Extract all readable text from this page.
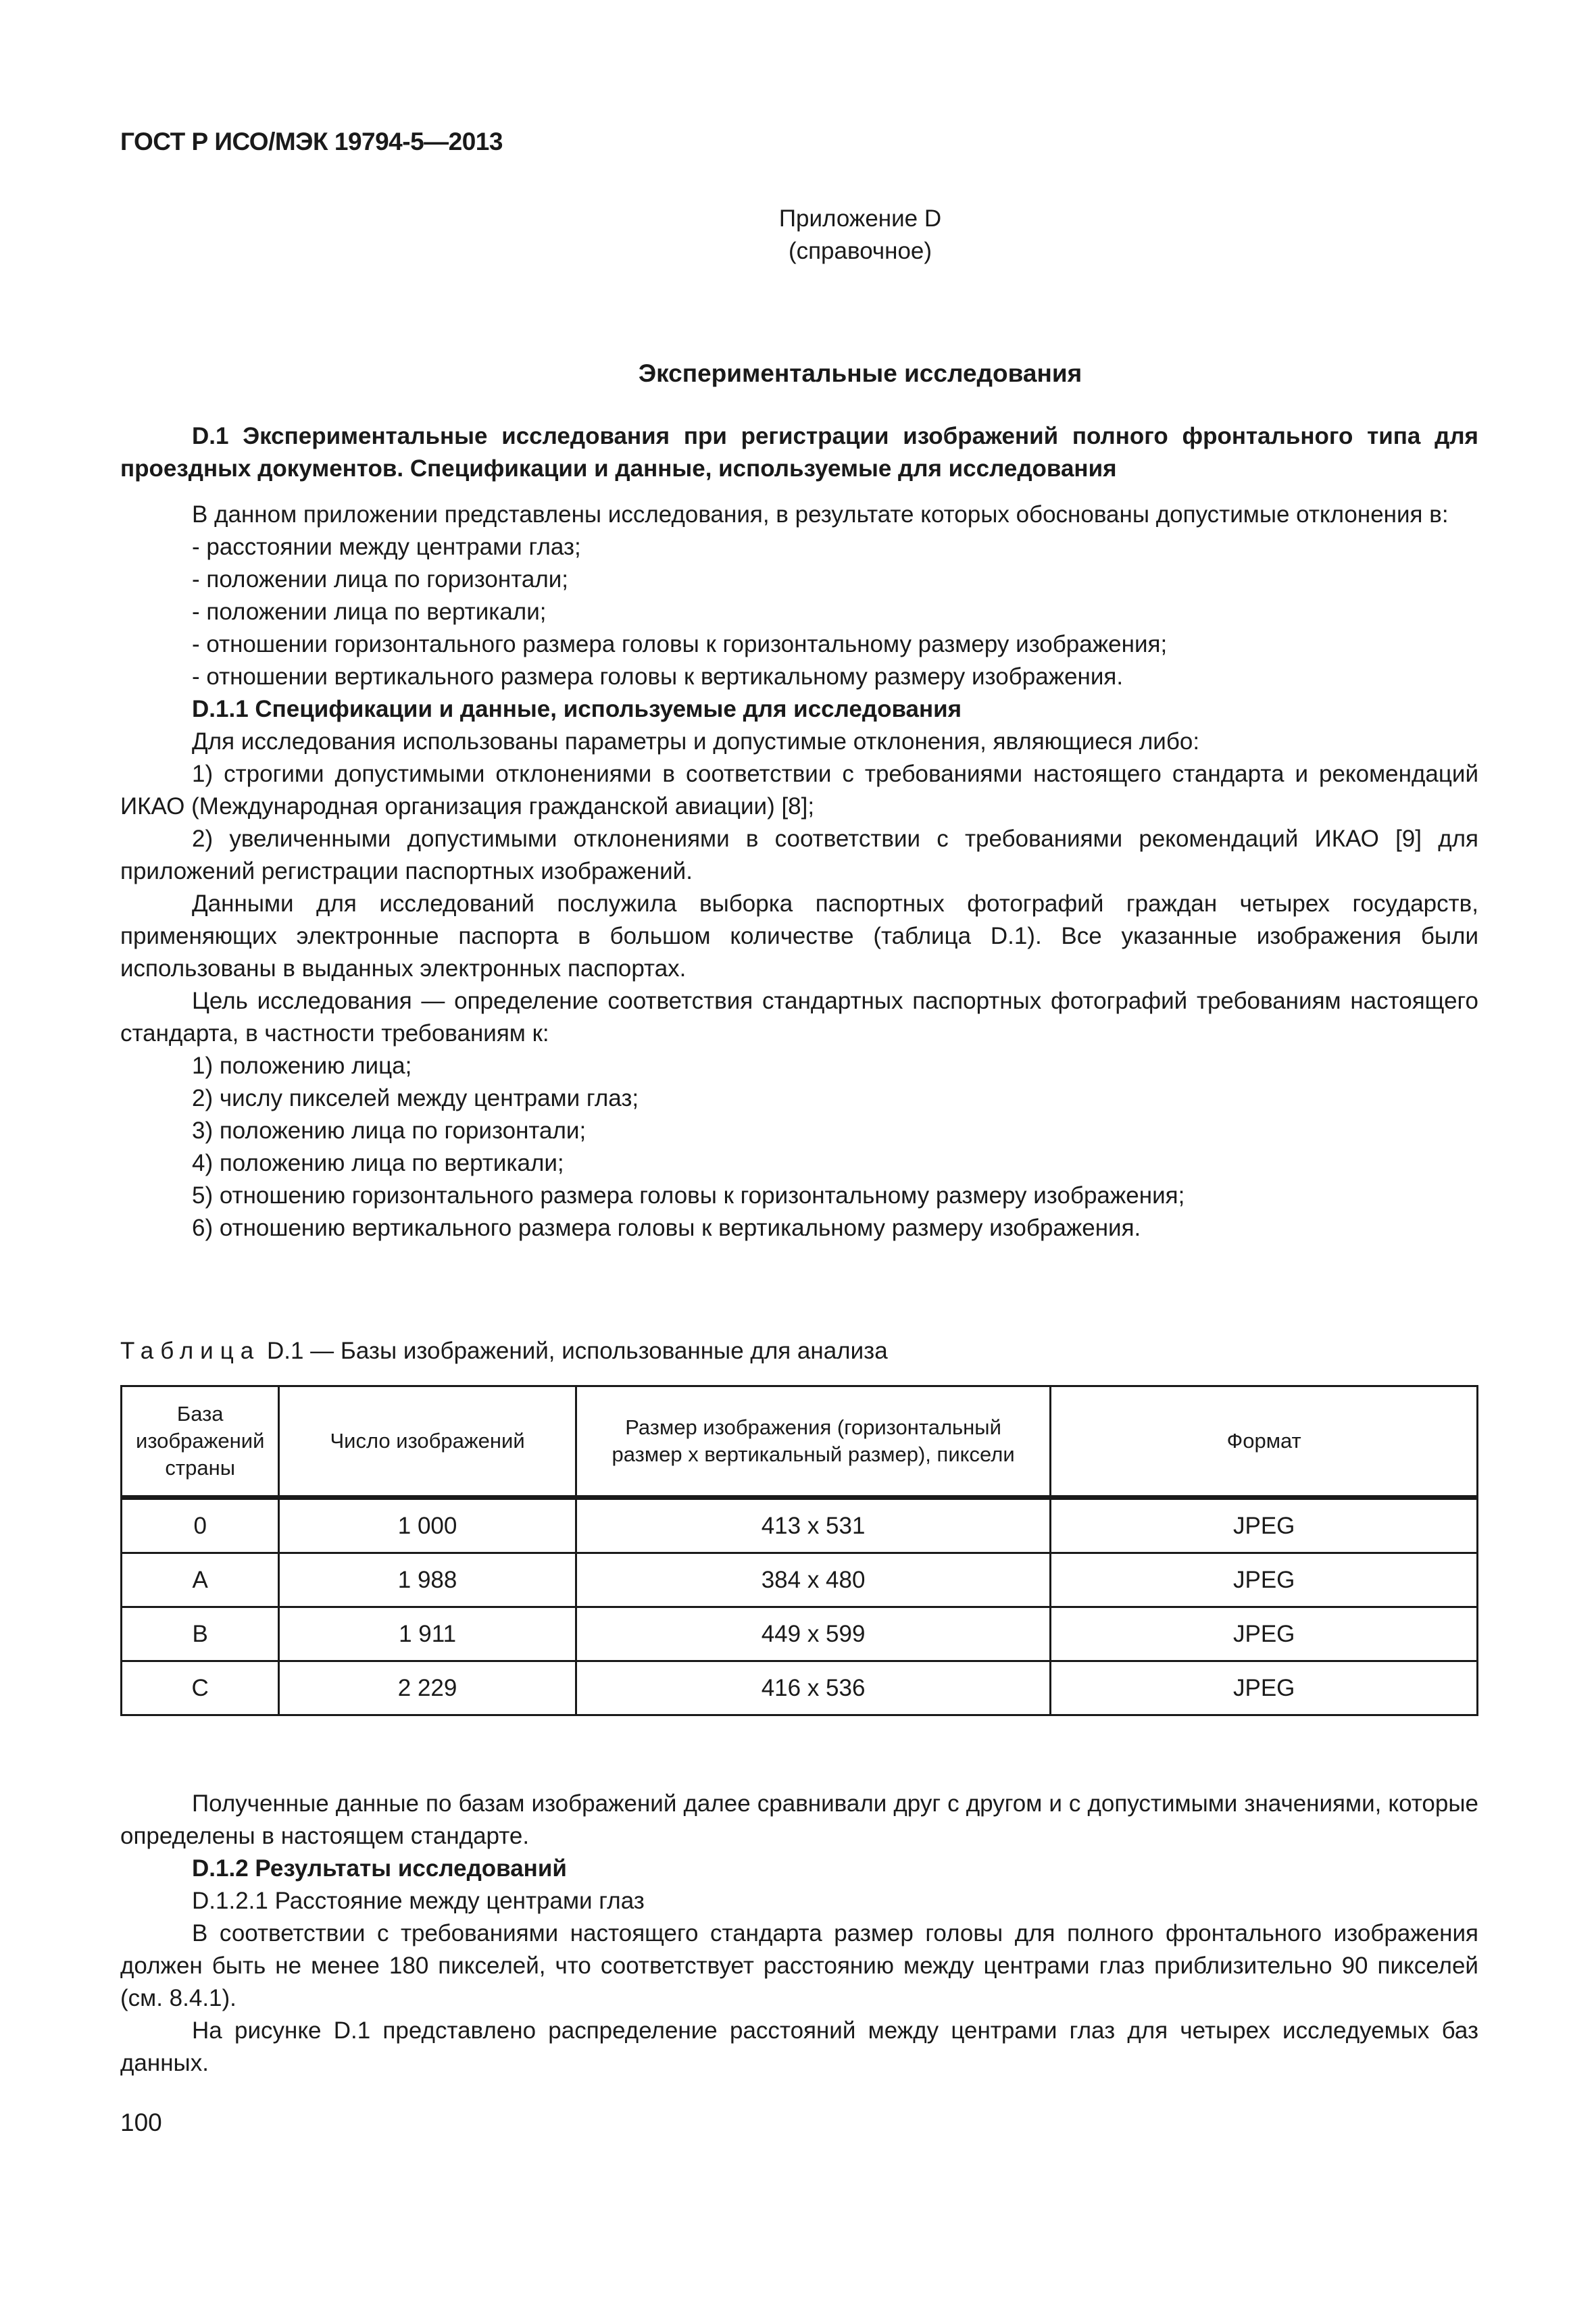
ГОСТ Р ИСО/МЭК 19794-5—2013
Приложение D
(справочное)
Экспериментальные исследования

D.1 Экспериментальные исследования при регистрации изображений полного фронтального типа для проездных документов. Спецификации и данные, используемые для исследования

В данном приложении представлены исследования, в результате которых обоснованы допустимые отклонения в:

- расстоянии между центрами глаз;

- положении лица по горизонтали;

- положении лица по вертикали;

- отношении горизонтального размера головы к горизонтальному размеру изображения;

- отношении вертикального размера головы к вертикальному размеру изображения.

D.1.1 Спецификации и данные, используемые для исследования

Для исследования использованы параметры и допустимые отклонения, являющиеся либо:

1) строгими допустимыми отклонениями в соответствии с требованиями настоящего стандарта и рекомендаций ИКАО (Международная организация гражданской авиации) [8];

2) увеличенными допустимыми отклонениями в соответствии с требованиями рекомендаций ИКАО [9] для приложений регистрации паспортных изображений.

Данными для исследований послужила выборка паспортных фотографий граждан четырех государств, применяющих электронные паспорта в большом количестве (таблица D.1). Все указанные изображения были использованы в выданных электронных паспортах.

Цель исследования — определение соответствия стандартных паспортных фотографий требованиям настоящего стандарта, в частности требованиям к:

1) положению лица;

2) числу пикселей между центрами глаз;

3) положению лица по горизонтали;

4) положению лица по вертикали;

5) отношению горизонтального размера головы к горизонтальному размеру изображения;

6) отношению вертикального размера головы к вертикальному размеру изображения.

Таблица D.1 — Базы изображений, использованные для анализа
База изображений страны	Число изображений	Размер изображения (горизонтальный размер х вертикальный размер), пиксели	Формат
0	1 000	413 x 531	JPEG
A	1 988	384 x 480	JPEG
B	1 911	449 x 599	JPEG
C	2 229	416 x 536	JPEG

Полученные данные по базам изображений далее сравнивали друг с другом и с допустимыми значениями, которые определены в настоящем стандарте.

D.1.2 Результаты исследований

D.1.2.1 Расстояние между центрами глаз

В соответствии с требованиями настоящего стандарта размер головы для полного фронтального изображения должен быть не менее 180 пикселей, что соответствует расстоянию между центрами глаз приблизительно 90 пикселей (см. 8.4.1).

На рисунке D.1 представлено распределение расстояний между центрами глаз для четырех исследуемых баз данных.

100
